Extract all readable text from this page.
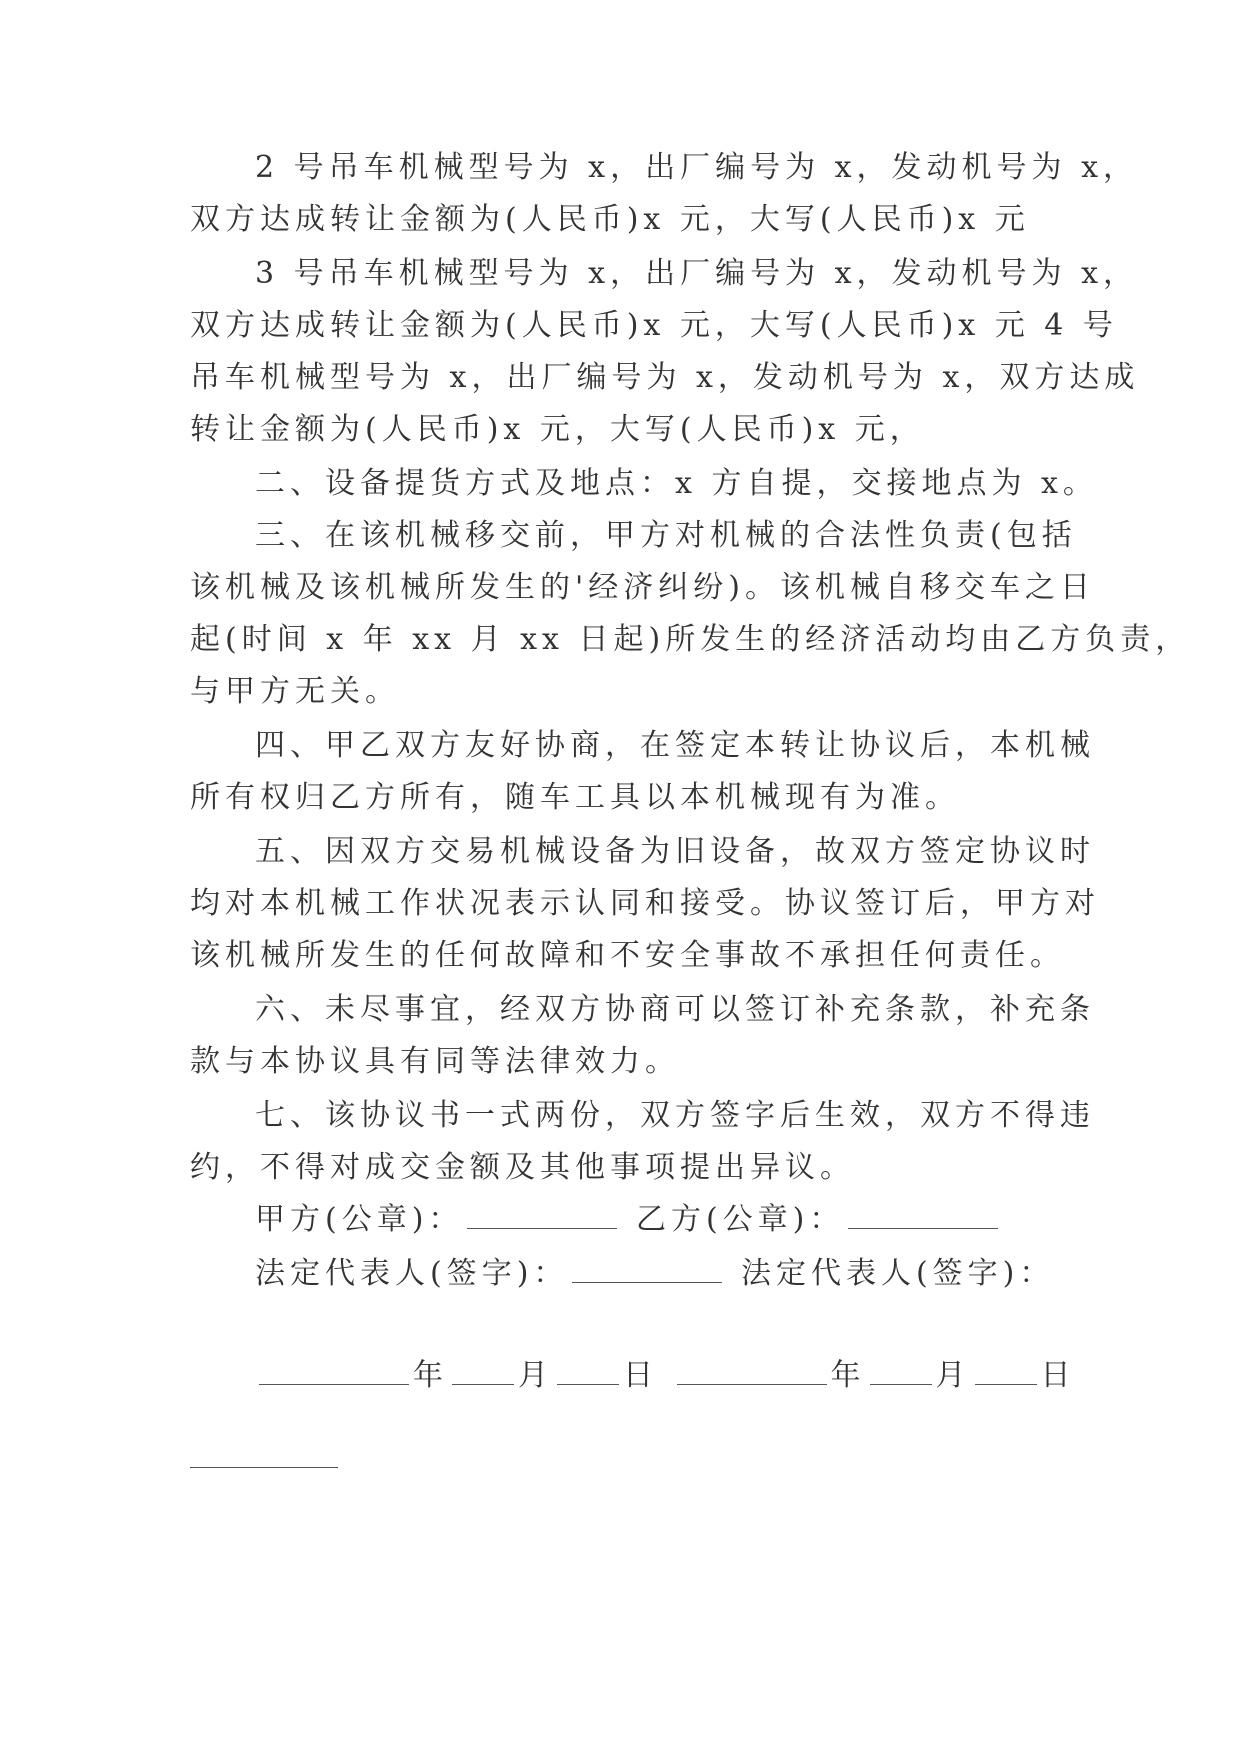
2 号吊车机械型号为 x，出厂编号为 x，发动机号为 x，
双方达成转让金额为(人民币)x 元，大写(人民币)x 元
3 号吊车机械型号为 x，出厂编号为 x，发动机号为 x，
双方达成转让金额为(人民币)x 元，大写(人民币)x 元 4 号
吊车机械型号为 x，出厂编号为 x，发动机号为 x，双方达成
转让金额为(人民币)x 元，大写(人民币)x 元，
二、设备提货方式及地点：x 方自提，交接地点为 x。
三、在该机械移交前，甲方对机械的合法性负责(包括
该机械及该机械所发生的'经济纠纷)。该机械自移交车之日
起(时间 x 年 xx 月 xx 日起)所发生的经济活动均由乙方负责，
与甲方无关。
四、甲乙双方友好协商，在签定本转让协议后，本机械
所有权归乙方所有，随车工具以本机械现有为准。
五、因双方交易机械设备为旧设备，故双方签定协议时
均对本机械工作状况表示认同和接受。协议签订后，甲方对
该机械所发生的任何故障和不安全事故不承担任何责任。
六、未尽事宜，经双方协商可以签订补充条款，补充条
款与本协议具有同等法律效力。
七、该协议书一式两份，双方签字后生效，双方不得违
约，不得对成交金额及其他事项提出异议。
甲方(公章)：	乙方(公章)：
法定代表人(签字)：	法定代表人(签字)：
年 月 日	年 月 日
